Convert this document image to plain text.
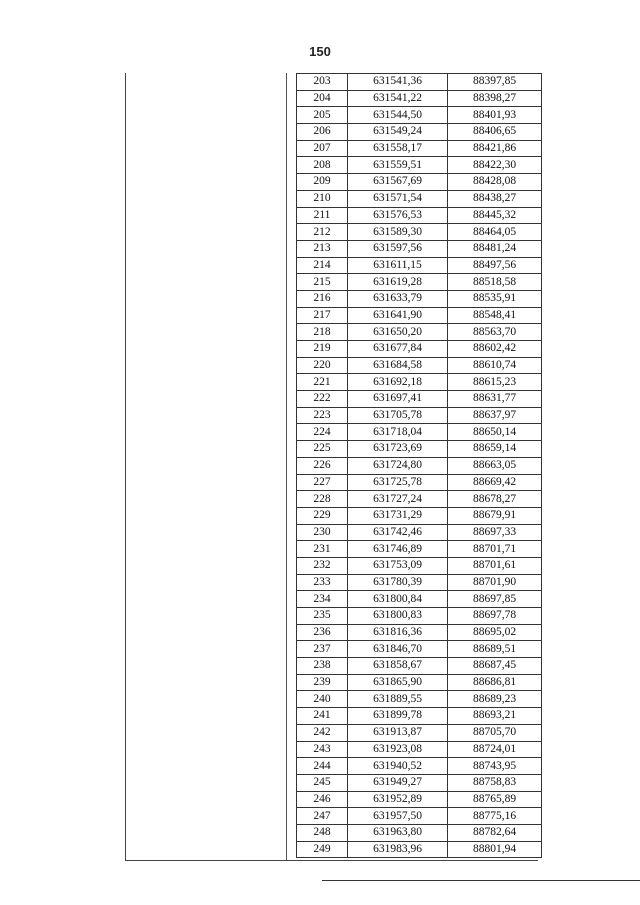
150
203	631541,36	88397,85
204	631541,22	88398,27
205	631544,50	88401,93
206	631549,24	88406,65
207	631558,17	88421,86
208	631559,51	88422,30
209	631567,69	88428,08
210	631571,54	88438,27
211	631576,53	88445,32
212	631589,30	88464,05
213	631597,56	88481,24
214	631611,15	88497,56
215	631619,28	88518,58
216	631633,79	88535,91
217	631641,90	88548,41
218	631650,20	88563,70
219	631677,84	88602,42
220	631684,58	88610,74
221	631692,18	88615,23
222	631697,41	88631,77
223	631705,78	88637,97
224	631718,04	88650,14
225	631723,69	88659,14
226	631724,80	88663,05
227	631725,78	88669,42
228	631727,24	88678,27
229	631731,29	88679,91
230	631742,46	88697,33
231	631746,89	88701,71
232	631753,09	88701,61
233	631780,39	88701,90
234	631800,84	88697,85
235	631800,83	88697,78
236	631816,36	88695,02
237	631846,70	88689,51
238	631858,67	88687,45
239	631865,90	88686,81
240	631889,55	88689,23
241	631899,78	88693,21
242	631913,87	88705,70
243	631923,08	88724,01
244	631940,52	88743,95
245	631949,27	88758,83
246	631952,89	88765,89
247	631957,50	88775,16
248	631963,80	88782,64
249	631983,96	88801,94
